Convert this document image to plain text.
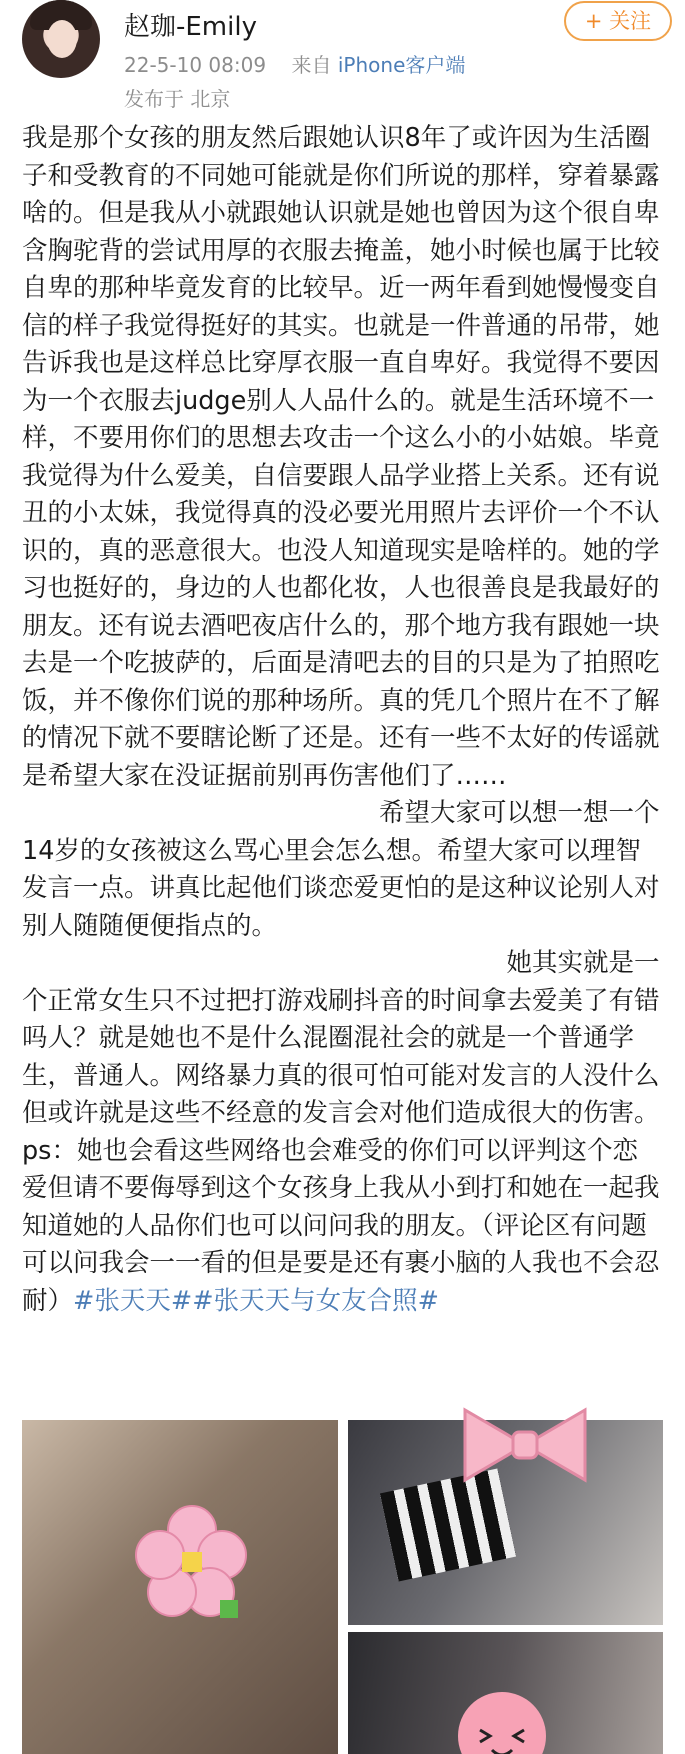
赵珈-Emily
22-5-10 08:09 来自 iPhone客户端
发布于 北京
+ 关注

我是那个女孩的朋友然后跟她认识8年了或许因为生活圈子和受教育的不同她可能就是你们所说的那样，穿着暴露啥的。但是我从小就跟她认识就是她也曾因为这个很自卑含胸驼背的尝试用厚的衣服去掩盖，她小时候也属于比较自卑的那种毕竟发育的比较早。近一两年看到她慢慢变自信的样子我觉得挺好的其实。也就是一件普通的吊带，她告诉我也是这样总比穿厚衣服一直自卑好。我觉得不要因为一个衣服去judge别人人品什么的。就是生活环境不一样，不要用你们的思想去攻击一个这么小的小姑娘。毕竟我觉得为什么爱美，自信要跟人品学业搭上关系。还有说丑的小太妹，我觉得真的没必要光用照片去评价一个不认识的，真的恶意很大。也没人知道现实是啥样的。她的学习也挺好的，身边的人也都化妆，人也很善良是我最好的朋友。还有说去酒吧夜店什么的，那个地方我有跟她一块去是一个吃披萨的，后面是清吧去的目的只是为了拍照吃饭，并不像你们说的那种场所。真的凭几个照片在不了解的情况下就不要瞎论断了还是。还有一些不太好的传谣就是希望大家在没证据前别再伤害他们了……

希望大家可以想一想一个14岁的女孩被这么骂心里会怎么想。希望大家可以理智发言一点。讲真比起他们谈恋爱更怕的是这种议论别人对别人随随便便指点的。

她其实就是一个正常女生只不过把打游戏刷抖音的时间拿去爱美了有错吗人？就是她也不是什么混圈混社会的就是一个普通学生，普通人。网络暴力真的很可怕可能对发言的人没什么但或许就是这些不经意的发言会对他们造成很大的伤害。

ps：她也会看这些网络也会难受的你们可以评判这个恋爱但请不要侮辱到这个女孩身上我从小到打和她在一起我知道她的人品你们也可以问问我的朋友。（评论区有问题可以问我会一一看的但是要是还有裹小脑的人我也不会忍耐）#张天天##张天天与女友合照#
